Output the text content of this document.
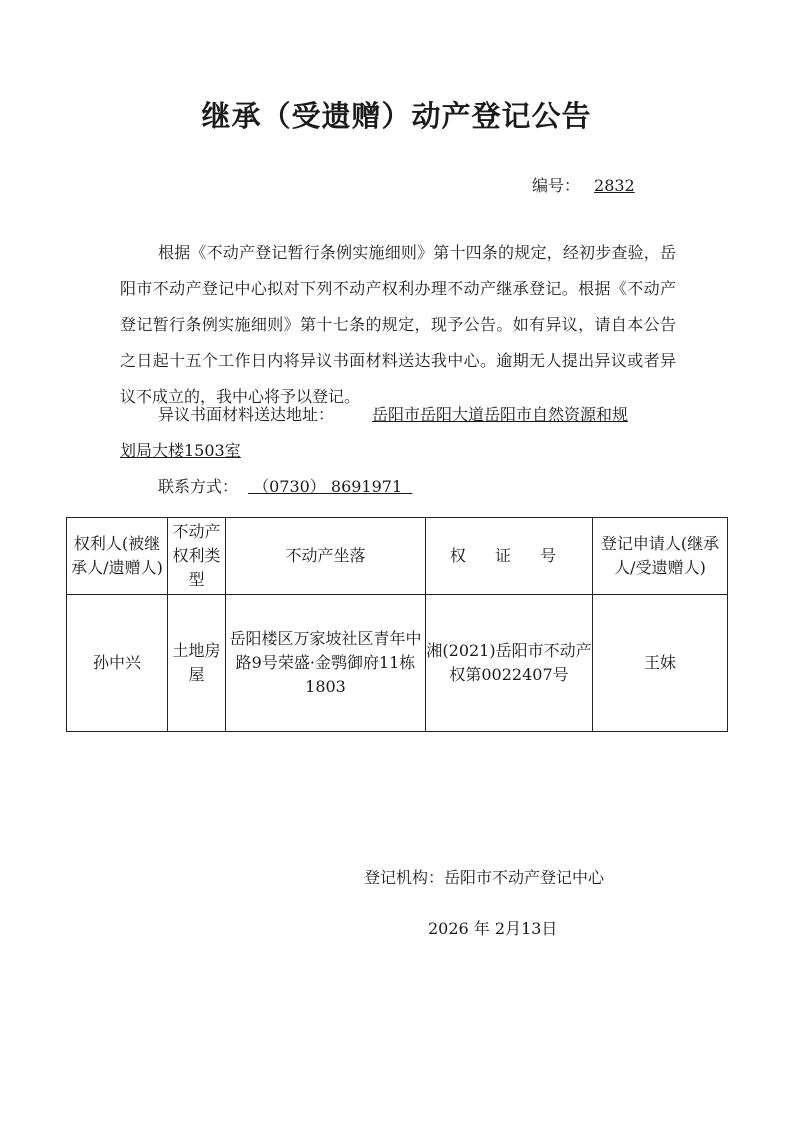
继承（受遗赠）动产登记公告
编号： 2832

根据《不动产登记暂行条例实施细则》第十四条的规定，经初步查验，岳阳市不动产登记中心拟对下列不动产权利办理不动产继承登记。根据《不动产登记暂行条例实施细则》第十七条的规定，现予公告。如有异议，请自本公告之日起十五个工作日内将异议书面材料送达我中心。逾期无人提出异议或者异议不成立的，我中心将予以登记。

异议书面材料送达地址： 岳阳市岳阳大道岳阳市自然资源和规
划局大楼1503室
联系方式： （0730） 8691971
权利人(被继承人/遗赠人)	不动产权利类型	不动产坐落	权 证 号	登记申请人(继承人/受遗赠人)
孙中兴	土地房屋	岳阳楼区万家坡社区青年中路9号荣盛·金鹗御府11栋1803	湘(2021)岳阳市不动产权第0022407号	王妹
登记机构：岳阳市不动产登记中心
2026 年 2月13日
